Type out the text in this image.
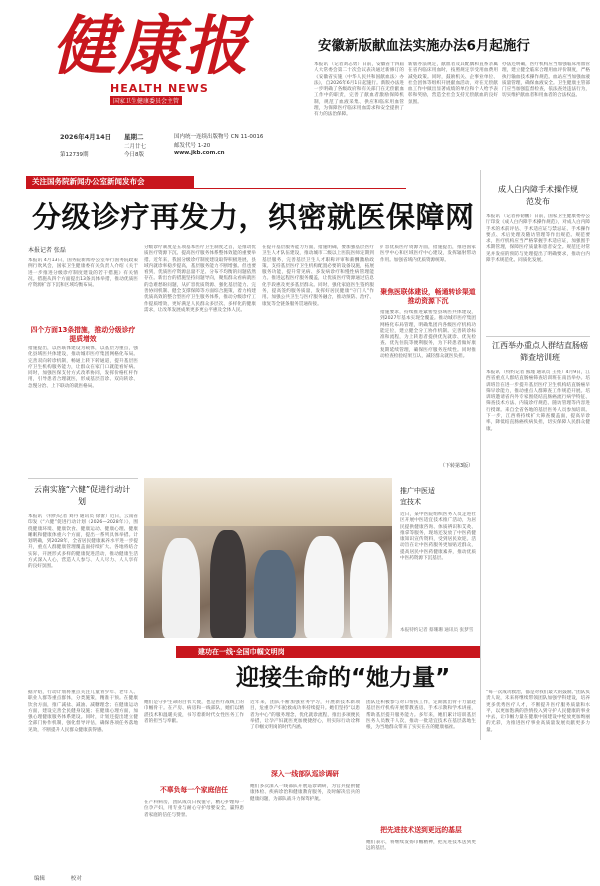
健康报
HEALTH NEWS
国家卫生健康委员会主管
2026年4月14日 星期二
二月廿七
第12739期	今日8版
国内统一连续出版物号 CN 11-0016
邮发代号 1-20
www.jkb.com.cn
安徽新版献血法实施办法6月起施行
本报讯 （记者刘志勇）日前，安徽省十四届人大常委会第二十次会议表决通过新修订的《安徽省实施〈中华人民共和国献血法〉办法》，自2026年6月1日起施行。新版办法进一步明确了各级政府和有关部门在无偿献血工作中的职责，完善了献血者激励保障机制，规范了血液采集、供应和临床用血管理，为保障医疗临床用血需求和安全提供了有力的法治保障。
新版办法规定，献血者及其配偶和直系亲属在省内临床用血时，按照规定享受用血费用减免政策。同时，鼓励机关、企事业单位、社会团体等组织开展献血活动，对在无偿献血工作中做出显著成绩的单位和个人给予表彰和奖励，营造全社会支持无偿献血的良好氛围。
办法还明确，医疗机构应当加强临床用血管理，建立健全临床合理用血评价制度，严格执行输血技术操作规范。血站应当加强血液质量管理，确保血液安全。卫生健康主管部门应当加强监督检查，依法查处违法行为，切实维护献血者和用血者的合法权益。
关注国务院新闻办公室新闻发布会
分级诊疗再发力，织密就医保障网
成人白内障手术操作规范发布
本报讯 （记者孙韧鹏）日前，国家卫生健康委办公厅印发《成人白内障手术操作规范》，对成人白内障手术的术前评估、手术适应证与禁忌证、手术操作要点、术后处理及随访管理等作出规范。规范要求，医疗机构应当严格掌握手术适应证，加强围手术期管理，保障医疗质量和患者安全。规范还对常见并发症的预防与处理提出了明确要求，推动白内障手术规范化、同质化发展。
江西举办重点人群结直肠癌筛查培训班
本报讯 （特约记者 熊瑾 通讯员 王亮）4月9日，江西省重点人群结直肠癌筛查培训班在南昌举办。培训班旨在进一步提升基层医疗卫生机构结直肠癌早筛早诊能力，推动重点人群筛查工作规范开展。培训班邀请省内外专家围绕结直肠癌流行病学特征、筛查技术方法、内镜诊疗规范、随访管理等内容进行授课。来自全省各地的基层医务人员参加培训。下一步，江西将持续扩大筛查覆盖面，提高早诊率，降低结直肠癌疾病负担，切实保障人民群众健康。
本报记者 张磊
本报讯 4月13日，国务院新闻办公室举行国务院政策例行吹风会，国家卫生健康委有关负责人介绍《关于进一步推进分级诊疗制度建设的若干措施》有关情况。措施从四个方面提出13条具体举措，推动优质医疗资源扩容下沉和区域均衡布局。
四个方面13条措施，推动分级诊疗提质增效
措施提出，以医联体建设为载体，以基层为重点，强化县域医共体建设，推动城市医疗集团网格化布局。完善双向转诊机制，畅通上转下转通道，提升基层医疗卫生机构服务能力，让群众在家门口就能看好病。同时，加强医保支付方式改革协同，发挥价格杠杆作用，引导患者合理就医，形成基层首诊、双向转诊、急慢分治、上下联动的就医格局。
分级诊疗制度是五项基本医疗卫生制度之首，是推动优质医疗资源下沉、提高医疗服务体系整体效能的重要举措。近年来，我国分级诊疗制度建设取得积极进展，县域内就诊率稳步提高，基层服务能力不断增强。但也要看到，优质医疗资源总量不足、分布不均衡的问题依然存在。新出台的措施坚持问题导向，聚焦群众看病就医的急难愁盼问题，从扩容优质资源、强化基层能力、完善协同机制、健全支撑保障等方面综合施策，着力构建优质高效的整合型医疗卫生服务体系，推动分级诊疗工作提质增效，更好满足人民群众多层次、多样化的健康需求，让改革发展成果更多更公平惠及全体人民。
在提升基层服务能力方面，措施明确，要加强基层医疗卫生人才队伍建设，推动城市二级以上医院医师定期到基层服务，完善基层卫生人才职称评审和薪酬激励政策。支持基层医疗卫生机构配置必要的设备设施，拓展服务功能，提升常见病、多发病诊疗和慢性病管理能力。推进远程医疗服务覆盖，让优质医疗资源通过信息化手段惠及更多基层群众。同时，强化家庭医生签约服务，提高签约服务质量，发挥好居民健康“守门人”作用。加强公共卫生与医疗服务融合，推动预防、治疗、康复等全链条服务贯通衔接。
聚焦医联体建设，畅通转诊渠道推动资源下沉
扩容优质医疗资源方面，措施提出，推进国家医学中心和区域医疗中心建设，发挥辐射带动作用。加强省域内优质资源统筹。
措施要求，持续推进紧密型县域医共体建设，到2027年基本实现全覆盖。推动城市医疗集团网格化布局管理，明确集团内各级医疗机构功能定位，建立健全分工协作机制。完善转诊标准和流程，为上转患者提供优先就诊、优先检查、优先住院等便利服务，为下转患者做好康复期延续管理，确保医疗服务连续性。同时推动检查检验结果互认，减轻群众就医负担。
（下转第3版）
云南实施“六健”促进行动计划
本报讯 （特约记者 刘丹 通讯员 徐蕾）近日，云南省印发《“六健”促进行动计划（2026—2028年）》，围绕健康环境、健康饮食、健康运动、健康心理、健康睡眠和健康体重六个方面，提出一系列具体举措。计划明确，到2028年，全省居民健康素养水平进一步提升，重点人群健康管理覆盖面持续扩大。各地将结合实际，开展形式多样的健康促进活动，推动健康生活方式深入人心，营造人人参与、人人尽力、人人享有的良好氛围。
推广中医适宜技术
近日，某中医院组织医务人员走进社区开展中医适宜技术推广活动，为居民提供健康咨询、体质辨识和艾灸、推拿等服务，现场还发放了中医药健康知识宣传资料，受到居民欢迎。活动旨在让中医药服务更加贴近群众，提高居民中医药健康素养，推动优质中医药资源下沉基层。
本报特约记者 蔡珊珊 通讯员 张梦雪
据介绍，行动计划将重点关注儿童青少年、老年人、职业人群等重点群体，分类施策，精准干预。在健康饮食方面，推广减盐、减油、减糖理念；在健康运动方面，建设完善全民健身设施；在健康心理方面，加强心理健康服务体系建设。同时，计划还提出建立健全部门协作机制，强化督导评估，确保各项任务落地见效，不断提升人民群众健康获得感。
建功在一线·全国巾帼文明岗
迎接生命的“她力量”
她们是守护生命的白衣天使，也是医疗战线上的巾帼骨干。在产房、病房和一线部队，她们以精湛技术和温暖关爱，书写着新时代女性医务工作者的担当与奉献。
不辜负每一个家庭信任
在产科病房，团队成员日夜值守，精心护理每一位孕产妇，用专业与耐心守护母婴安全，赢得患者家庭的信任与赞誉。
近年来，团队不断加强业务学习，开展新技术新项目，危重孕产妇抢救成功率持续提升。她们坚持“以患者为中心”的服务理念，优化就诊流程，推出多项便民举措，让孕产妇就医更加便捷舒心，用实际行动诠释了巾帼文明岗的时代内涵。
深入一线部队巡诊调研
她们多次深入一线部队开展巡诊调研，为官兵提供健康体检、疾病诊治和健康教育服务，及时解决官兵的健康问题，为部队战斗力保驾护航。
团队还积极参与对口帮扶工作，定期派出骨干力量赴基层医疗机构开展带教查房、手术示教和学术讲座，帮助基层提升服务能力。多年来，她们累计培训基层医务人员数千人次，推动一批适宜技术在基层落地生根，为当地群众带来了实实在在的健康福祉。
把先进技术送到更远的基层
她们表示，将继续发扬巾帼精神，把先进技术送到更远的基层。
“每一次成功救治，都是对我们最大的鼓励。”团队负责人说，未来将继续带领团队加强学科建设，培养更多优秀医疗人才，不断提升医疗服务质量和水平，以更加饱满的热情投入到守护人民健康的事业中去，让巾帼力量在健康中国建设中绽放更加绚丽的光彩，为推进医疗事业高质量发展贡献更多力量。
编辑	校对
